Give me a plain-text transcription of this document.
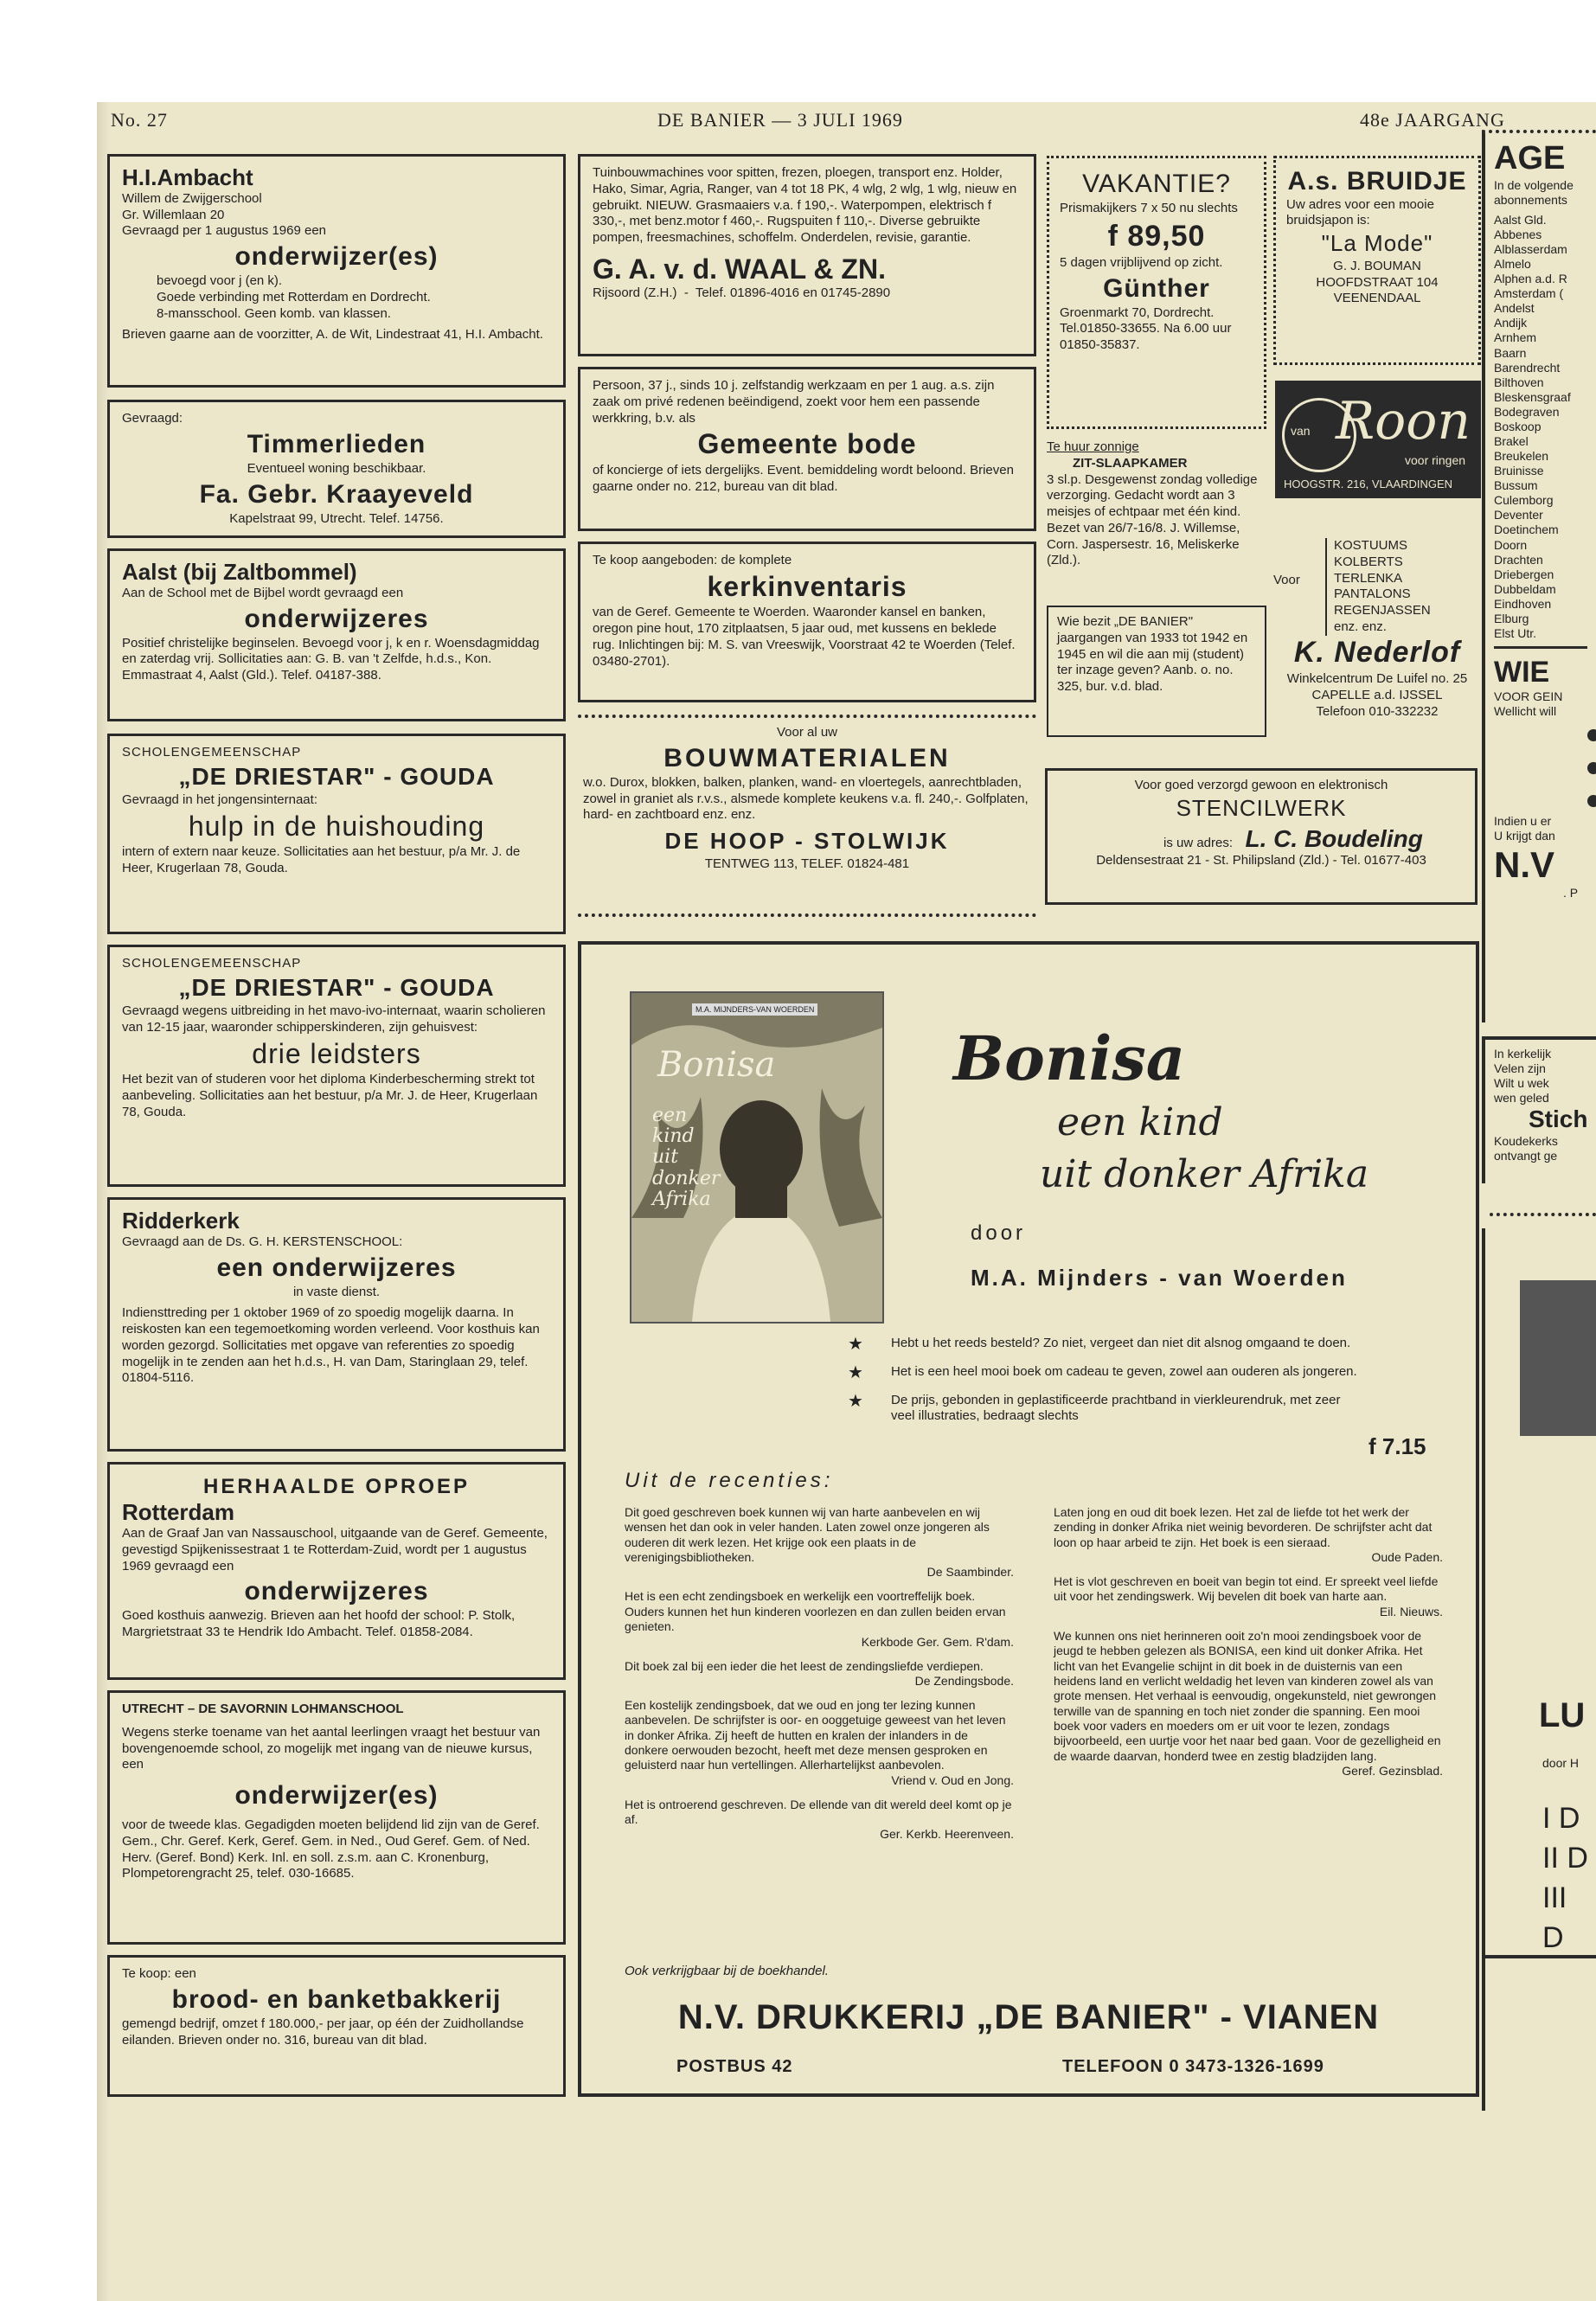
No. 27	DE BANIER — 3 JULI 1969	48e JAARGANG

H.I.Ambacht

Willem de Zwijgerschool

Gr. Willemlaan 20

Gevraagd per 1 augustus 1969 een

onderwijzer(es)

bevoegd voor j (en k).

Goede verbinding met Rotterdam en Dordrecht.

8-mansschool. Geen komb. van klassen.

Brieven gaarne aan de voorzitter, A. de Wit, Lindestraat 41, H.I. Ambacht.

Gevraagd:

Timmerlieden

Eventueel woning beschikbaar.

Fa. Gebr. Kraayeveld

Kapelstraat 99, Utrecht. Telef. 14756.

Aalst (bij Zaltbommel)

Aan de School met de Bijbel wordt gevraagd een

onderwijzeres

Positief christelijke beginselen. Bevoegd voor j, k en r. Woensdagmiddag en zaterdag vrij. Sollicitaties aan: G. B. van 't Zelfde, h.d.s., Kon. Emmastraat 4, Aalst (Gld.). Telef. 04187-388.

SCHOLENGEMEENSCHAP

„DE DRIESTAR" - GOUDA

Gevraagd in het jongensinternaat:

hulp in de huishouding

intern of extern naar keuze. Sollicitaties aan het bestuur, p/a Mr. J. de Heer, Krugerlaan 78, Gouda.

SCHOLENGEMEENSCHAP

„DE DRIESTAR" - GOUDA

Gevraagd wegens uitbreiding in het mavo-ivo-internaat, waarin scholieren van 12-15 jaar, waaronder schipperskinderen, zijn gehuisvest:

drie leidsters

Het bezit van of studeren voor het diploma Kinderbescherming strekt tot aanbeveling. Sollicitaties aan het bestuur, p/a Mr. J. de Heer, Krugerlaan 78, Gouda.

Ridderkerk

Gevraagd aan de Ds. G. H. KERSTENSCHOOL:

een onderwijzeres

in vaste dienst.

Indiensttreding per 1 oktober 1969 of zo spoedig mogelijk daarna. In reiskosten kan een tegemoetkoming worden verleend. Voor kosthuis kan worden gezorgd. Sollicitaties met opgave van referenties zo spoedig mogelijk in te zenden aan het h.d.s., H. van Dam, Staringlaan 29, telef. 01804-5116.

HERHAALDE OPROEP

Rotterdam

Aan de Graaf Jan van Nassauschool, uitgaande van de Geref. Gemeente, gevestigd Spijkenissestraat 1 te Rotterdam-Zuid, wordt per 1 augustus 1969 gevraagd een

onderwijzeres

Goed kosthuis aanwezig. Brieven aan het hoofd der school: P. Stolk, Margrietstraat 33 te Hendrik Ido Ambacht. Telef. 01858-2084.

UTRECHT – DE SAVORNIN LOHMANSCHOOL

Wegens sterke toename van het aantal leerlingen vraagt het bestuur van bovengenoemde school, zo mogelijk met ingang van de nieuwe kursus, een

onderwijzer(es)

voor de tweede klas. Gegadigden moeten belijdend lid zijn van de Geref. Gem., Chr. Geref. Kerk, Geref. Gem. in Ned., Oud Geref. Gem. of Ned. Herv. (Geref. Bond) Kerk. Inl. en soll. z.s.m. aan C. Kronenburg, Plompetorengracht 25, telef. 030-16685.

Te koop: een

brood- en banketbakkerij

gemengd bedrijf, omzet f 180.000,- per jaar, op één der Zuidhollandse eilanden. Brieven onder no. 316, bureau van dit blad.

Tuinbouwmachines voor spitten, frezen, ploegen, transport enz. Holder, Hako, Simar, Agria, Ranger, van 4 tot 18 PK, 4 wlg, 2 wlg, 1 wlg, nieuw en gebruikt. NIEUW. Grasmaaiers v.a. f 190,-. Waterpompen, elektrisch f 330,-, met benz.motor f 460,-. Rugspuiten f 110,-. Diverse gebruikte pompen, freesmachines, schoffelm. Onderdelen, revisie, garantie.

G. A. v. d. WAAL & ZN.

Rijsoord (Z.H.)  -  Telef. 01896-4016 en 01745-2890

Persoon, 37 j., sinds 10 j. zelfstandig werkzaam en per 1 aug. a.s. zijn zaak om privé redenen beëindigend, zoekt voor hem een passende werkkring, b.v. als

Gemeente bode

of koncierge of iets dergelijks. Event. bemiddeling wordt beloond. Brieven gaarne onder no. 212, bureau van dit blad.

Te koop aangeboden: de komplete

kerkinventaris

van de Geref. Gemeente te Woerden. Waaronder kansel en banken, oregon pine hout, 170 zitplaatsen, 5 jaar oud, met kussens en beklede rug. Inlichtingen bij: M. S. van Vreeswijk, Voorstraat 42 te Woerden (Telef. 03480-2701).

Voor al uw

BOUWMATERIALEN

w.o. Durox, blokken, balken, planken, wand- en vloertegels, aanrechtbladen, zowel in graniet als r.v.s., alsmede komplete keukens v.a. fl. 240,-. Golfplaten, hard- en zachtboard enz. enz.

DE HOOP - STOLWIJK

TENTWEG 113, TELEF. 01824-481

VAKANTIE?

Prismakijkers 7 x 50 nu slechts

f 89,50

5 dagen vrijblijvend op zicht.

Günther

Groenmarkt 70, Dordrecht. Tel.01850-33655. Na 6.00 uur 01850-35837.

Te huur zonnige

ZIT-SLAAPKAMER

3 sl.p. Desgewenst zondag volledige verzorging. Gedacht wordt aan 3 meisjes of echtpaar met één kind. Bezet van 26/7-16/8. J. Willemse, Corn. Jaspersestr. 16, Meliskerke (Zld.).

Wie bezit „DE BANIER" jaargangen van 1933 tot 1942 en 1945 en wil die aan mij (student) ter inzage geven? Aanb. o. no. 325, bur. v.d. blad.

A.s. BRUIDJE

Uw adres voor een mooie bruidsjapon is:

"La Mode"

G. J. BOUMAN

HOOFDSTRAAT 104

VEENENDAAL

van Roon
voor ringen
HOOGSTR. 216, VLAARDINGEN
Voor

KOSTUUMS

KOLBERTS

TERLENKA PANTALONS

REGENJASSEN

enz. enz.

K. Nederlof

Winkelcentrum De Luifel no. 25

CAPELLE a.d. IJSSEL

Telefoon 010-332232

Voor goed verzorgd gewoon en elektronisch

STENCILWERK

is uw adres: L. C. Boudeling

Deldensestraat 21 - St. Philipsland (Zld.) - Tel. 01677-403

M.A. MIJNDERS-VAN WOERDEN
Bonisa
een kind uit donker Afrika
Bonisa
een kind
uit donker Afrika
door
M.A. Mijnders - van Woerden
★ Hebt u het reeds besteld? Zo niet, vergeet dan niet dit alsnog omgaand te doen.
★ Het is een heel mooi boek om cadeau te geven, zowel aan ouderen als jongeren.
★ De prijs, gebonden in geplastificeerde prachtband in vierkleurendruk, met zeer veel illustraties, bedraagt slechts
f 7.15
Uit de recenties:

Dit goed geschreven boek kunnen wij van harte aanbevelen en wij wensen het dan ook in veler handen. Laten zowel onze jongeren als ouderen dit werk lezen. Het krijge ook een plaats in de verenigingsbibliotheken.

De Saambinder.

Het is een echt zendingsboek en werkelijk een voortreffelijk boek. Ouders kunnen het hun kinderen voorlezen en dan zullen beiden ervan genieten.

Kerkbode Ger. Gem. R'dam.

Dit boek zal bij een ieder die het leest de zendingsliefde verdiepen.

De Zendingsbode.

Een kostelijk zendingsboek, dat we oud en jong ter lezing kunnen aanbevelen. De schrijfster is oor- en ooggetuige geweest van het leven in donker Afrika. Zij heeft de hutten en kralen der inlanders in de donkere oerwouden bezocht, heeft met deze mensen gesproken en geluisterd naar hun vertellingen. Allerhartelijkst aanbevolen.

Vriend v. Oud en Jong.

Het is ontroerend geschreven. De ellende van dit wereld deel komt op je af.

Ger. Kerkb. Heerenveen.

Laten jong en oud dit boek lezen. Het zal de liefde tot het werk der zending in donker Afrika niet weinig bevorderen. De schrijfster acht dat loon op haar arbeid te zijn. Het boek is een sieraad.

Oude Paden.

Het is vlot geschreven en boeit van begin tot eind. Er spreekt veel liefde uit voor het zendingswerk. Wij bevelen dit boek van harte aan.

Eil. Nieuws.

We kunnen ons niet herinneren ooit zo'n mooi zendingsboek voor de jeugd te hebben gelezen als BONISA, een kind uit donker Afrika. Het licht van het Evangelie schijnt in dit boek in de duisternis van een heidens land en verlicht weldadig het leven van kinderen zowel als van grote mensen. Het verhaal is eenvoudig, ongekunsteld, niet gewrongen terwille van de spanning en toch niet zonder die spanning. Een mooi boek voor vaders en moeders om er uit voor te lezen, zondags bijvoorbeeld, een uurtje voor het naar bed gaan. Voor de gezelligheid en de waarde daarvan, honderd twee en zestig bladzijden lang.

Geref. Gezinsblad.

Ook verkrijgbaar bij de boekhandel.
N.V. DRUKKERIJ „DE BANIER" - VIANEN
POSTBUS 42	TELEFOON 0 3473-1326-1699
AGE

In de volgende

abonnements

Aalst Gld.

Abbenes

Alblasserdam

Almelo

Alphen a.d. R

Amsterdam (

Andelst

Andijk

Arnhem

Baarn

Barendrecht

Bilthoven

Bleskensgraaf

Bodegraven

Boskoop

Brakel

Breukelen

Bruinisse

Bussum

Culemborg

Deventer

Doetinchem

Doorn

Drachten

Driebergen

Dubbeldam

Eindhoven

Elburg

Elst Utr.

WIE

VOOR GEIN

Wellicht will

Indien u er

U krijgt dan

N.V

. P

In kerkelijk

Velen zijn

Wilt u wek

wen geled

Stich

Koudekerks

ontvangt ge

LU
door H

I D

II D

III D
